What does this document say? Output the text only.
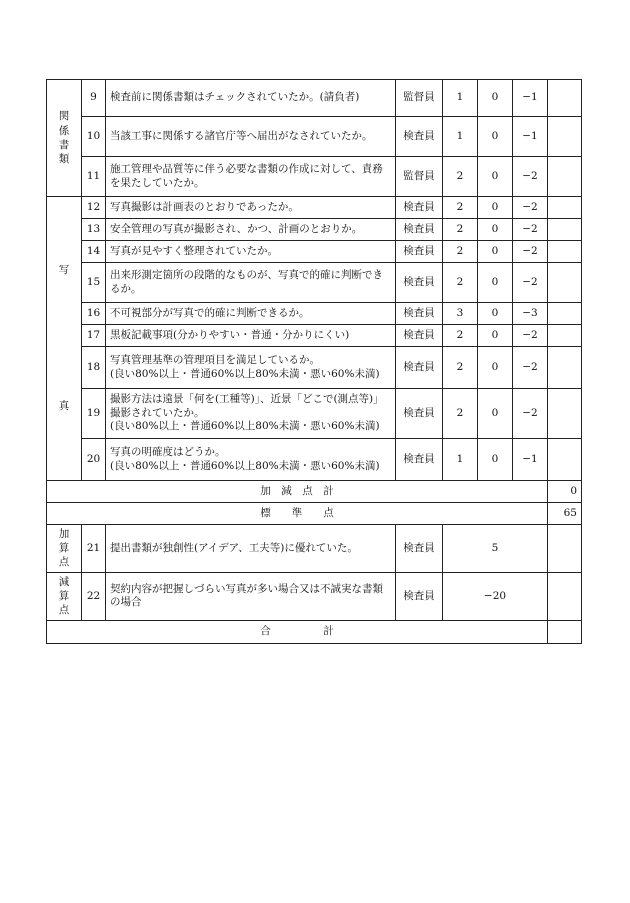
関係書類	9	検査前に関係書類はチェックされていたか。(請負者)	監督員	1	0	−1	
	10	当該工事に関係する諸官庁等へ届出がなされていたか。	検査員	1	0	−1	
	11	施工管理や品質等に伴う必要な書類の作成に対して、責務を果たしていたか。	監督員	2	0	−2	

写
真	12	写真撮影は計画表のとおりであったか。	検査員	2	0	−2	
	13	安全管理の写真が撮影され、かつ、計画のとおりか。	検査員	2	0	−2	
	14	写真が見やすく整理されていたか。	検査員	2	0	−2	
	15	出来形測定箇所の段階的なものが、写真で的確に判断できるか。	検査員	2	0	−2	
	16	不可視部分が写真で的確に判断できるか。	検査員	3	0	−3	
	17	黒板記載事項(分かりやすい・普通・分かりにくい)	検査員	2	0	−2	
	18	写真管理基準の管理項目を満足しているか。
(良い80%以上・普通60%以上80%未満・悪い60%未満)	検査員	2	0	−2	
	19	撮影方法は遠景「何を(工種等)」、近景「どこで(測点等)」撮影されていたか。
(良い80%以上・普通60%以上80%未満・悪い60%未満)	検査員	2	0	−2	
	20	写真の明確度はどうか。
(良い80%以上・普通60%以上80%未満・悪い60%未満)	検査員	1	0	−1	
加　減　点　計							0
標　　準　　点							65
加算点	21	提出書類が独創性(アイデア、工夫等)に優れていた。	検査員	5			
減算点	22	契約内容が把握しづらい写真が多い場合又は不誠実な書類の場合	検査員	−20			
合　　　　　計							
